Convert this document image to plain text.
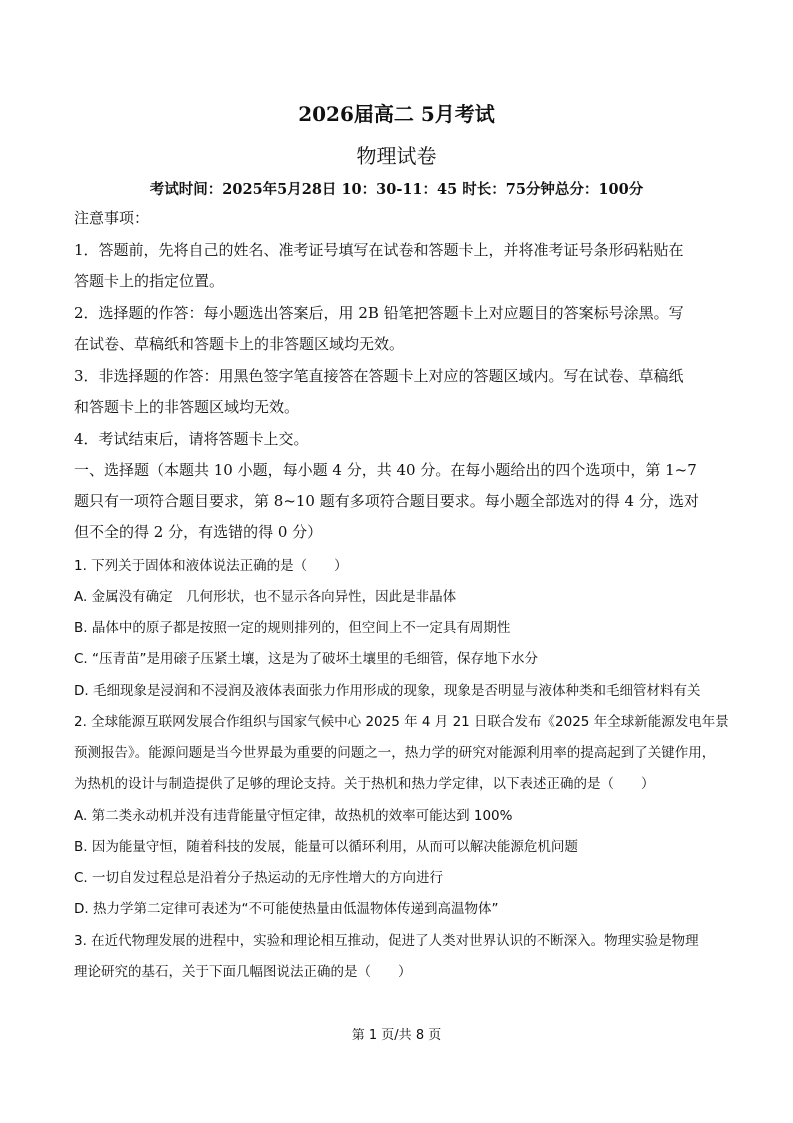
2026届高二 5月考试
物理试卷
考试时间：2025年5月28日 10：30-11：45 时长：75分钟总分：100分
注意事项：
1．答题前，先将自己的姓名、准考证号填写在试卷和答题卡上，并将准考证号条形码粘贴在
答题卡上的指定位置。
2．选择题的作答：每小题选出答案后，用 2B 铅笔把答题卡上对应题目的答案标号涂黑。写
在试卷、草稿纸和答题卡上的非答题区域均无效。
3．非选择题的作答：用黑色签字笔直接答在答题卡上对应的答题区域内。写在试卷、草稿纸
和答题卡上的非答题区域均无效。
4．考试结束后，请将答题卡上交。
一、选择题（本题共 10 小题，每小题 4 分，共 40 分。在每小题给出的四个选项中，第 1~7
题只有一项符合题目要求，第 8~10 题有多项符合题目要求。每小题全部选对的得 4 分，选对
但不全的得 2 分，有选错的得 0 分）
1. 下列关于固体和液体说法正确的是（　　）
A. 金属没有确定　几何形状，也不显示各向异性，因此是非晶体
B. 晶体中的原子都是按照一定的规则排列的，但空间上不一定具有周期性
C. “压青苗”是用磙子压紧土壤，这是为了破坏土壤里的毛细管，保存地下水分
D. 毛细现象是浸润和不浸润及液体表面张力作用形成的现象，现象是否明显与液体种类和毛细管材料有关
2. 全球能源互联网发展合作组织与国家气候中心 2025 年 4 月 21 日联合发布《2025 年全球新能源发电年景
预测报告》。能源问题是当今世界最为重要的问题之一，热力学的研究对能源利用率的提高起到了关键作用，
为热机的设计与制造提供了足够的理论支持。关于热机和热力学定律，以下表述正确的是（　　）
A. 第二类永动机并没有违背能量守恒定律，故热机的效率可能达到 100%
B. 因为能量守恒，随着科技的发展，能量可以循环利用，从而可以解决能源危机问题
C. 一切自发过程总是沿着分子热运动的无序性增大的方向进行
D. 热力学第二定律可表述为“不可能使热量由低温物体传递到高温物体”
3. 在近代物理发展的进程中，实验和理论相互推动，促进了人类对世界认识的不断深入。物理实验是物理
理论研究的基石，关于下面几幅图说法正确的是（　　）
第 1 页/共 8 页
